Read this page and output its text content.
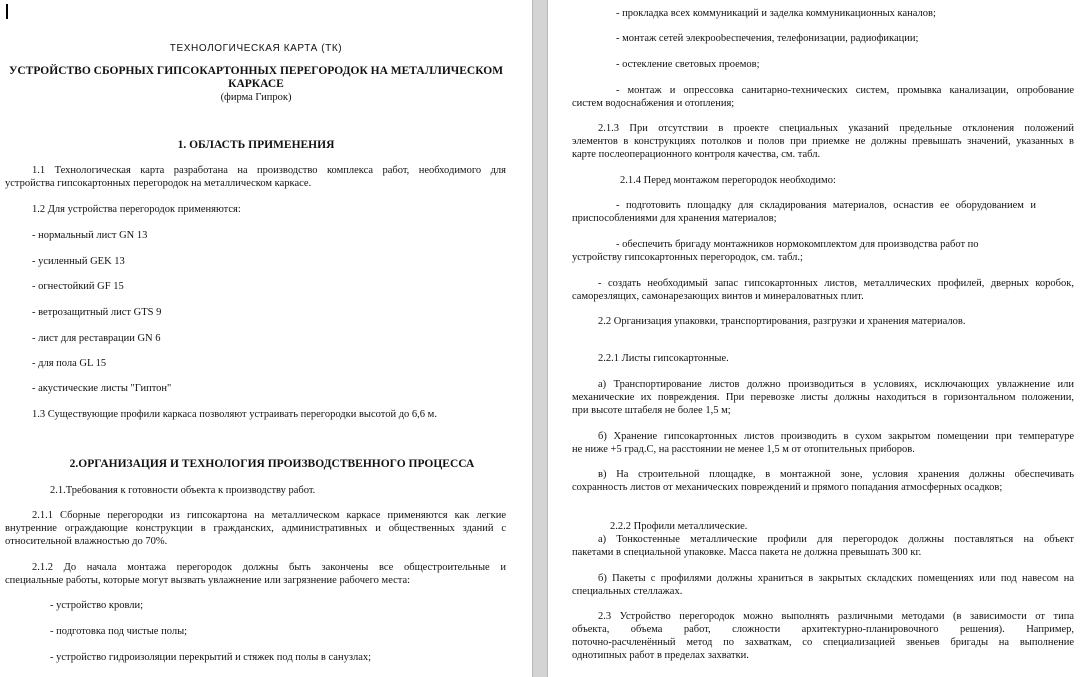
ТЕХНОЛОГИЧЕСКАЯ КАРТА (ТК)

УСТРОЙСТВО СБОРНЫХ ГИПСОКАРТОННЫХ ПЕРЕГОРОДОК НА МЕТАЛЛИЧЕСКОМ

КАРКАСЕ

(фирма Гипрок)

1. ОБЛАСТЬ ПРИМЕНЕНИЯ

1.1 Технологическая карта разработана на производство комплекса работ, необходимого для

устройства гипсокартонных перегородок на металлическом каркасе.

1.2 Для устройства перегородок применяются:

- нормальный лист GN 13

- усиленный GEK 13

- огнестойкий GF 15

- ветрозащитный лист GTS 9

- лист для реставрации GN 6

- для пола GL 15

- акустические листы "Гиптон"

1.3 Существующие профили каркаса позволяют устраивать перегородки высотой до 6,6 м.

2.ОРГАНИЗАЦИЯ И ТЕХНОЛОГИЯ ПРОИЗВОДСТВЕННОГО ПРОЦЕССА

2.1.Требования к готовности объекта к производству работ.

2.1.1 Сборные перегородки из гипсокартона на металлическом каркасе применяются как легкие

внутренние ограждающие конструкции в гражданских, административных и общественных зданий с

относительной влажностью до 70%.

2.1.2 До начала монтажа перегородок должны быть закончены все общестроительные и

специальные работы, которые могут вызвать увлажнение или загрязнение рабочего места:

- устройство кровли;

- подготовка под чистые полы;

- устройство гидроизоляции перекрытий и стяжек под полы в санузлах;

- прокладка всех коммуникаций и заделка коммуникационных каналов;

- монтаж сетей элекроobеспечения, телефонизации, радиофикации;

- остекление световых проемов;

- монтаж и опрессовка санитарно-технических систем, промывка канализации, опробование

систем водоснабжения и отопления;

2.1.3 При отсутствии в проекте специальных указаний предельные отклонения положений

элементов в конструкциях потолков и полов при приемке не должны превышать значений, указанных в

карте послеоперационного контроля качества, см. табл.

2.1.4 Перед монтажом перегородок необходимо:

- подготовить площадку для складирования материалов, оснастив ее оборудованием и

приспособлениями для хранения материалов;

- обеспечить бригаду монтажников нормокомплектом для производства работ по

устройству гипсокартонных перегородок, см. табл.;

- создать необходимый запас гипсокартонных листов, металлических профилей, дверных коробок,

саморезлящих, самонарезающих винтов и минераловатных плит.

2.2 Организация упаковки, транспортирования, разгрузки и хранения материалов.

2.2.1 Листы гипсокартонные.

а) Транспортирование листов должно производиться в условиях, исключающих увлажнение или

механические их повреждения. При перевозке листы должны находиться в горизонтальном положении,

при высоте штабеля не более 1,5 м;

б) Хранение гипсокартонных листов производить в сухом закрытом помещении при температуре

не ниже +5 град.С, на расстоянии не менее 1,5 м от отопительных приборов.

в) На строительной площадке, в монтажной зоне, условия хранения должны обеспечивать

сохранность листов от механических повреждений и прямого попадания атмосферных осадков;

2.2.2 Профили металлические.

а) Тонкостенные металлические профили для перегородок должны поставляться на объект

пакетами в специальной упаковке. Масса пакета не должна превышать 300 кг.

б) Пакеты с профилями должны храниться в закрытых складских помещениях или под навесом на

специальных стеллажах.

2.3 Устройство перегородок можно выполнять различными методами (в зависимости от типа

объекта, объема работ, сложности архитектурно-планировочного решения). Например,

поточно-расчленённый метод по захваткам, со специализацией звеньев бригады на выполнение

однотипных работ в пределах захватки.
